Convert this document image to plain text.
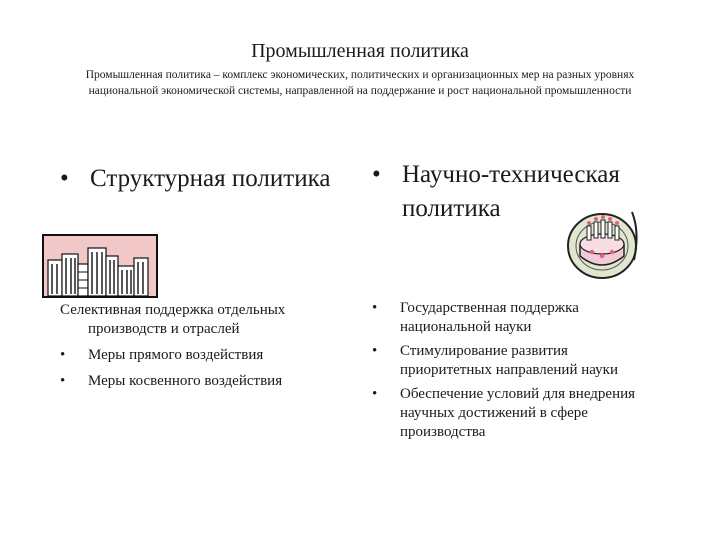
Промышленная политика
Промышленная политика – комплекс экономических, политических и организационных мер на разных уровнях национальной экономической системы, направленной на поддержание и рост национальной промышленности
• Структурная политика
Селективная поддержка отдельных
производств и отраслей
•	Меры прямого воздействия
•	Меры косвенного воздействия
• Научно-техническая политика
•	Государственная поддержка национальной науки
•	Стимулирование развития приоритетных направлений науки
•	Обеспечение условий для внедрения научных достижений в сфере производства
